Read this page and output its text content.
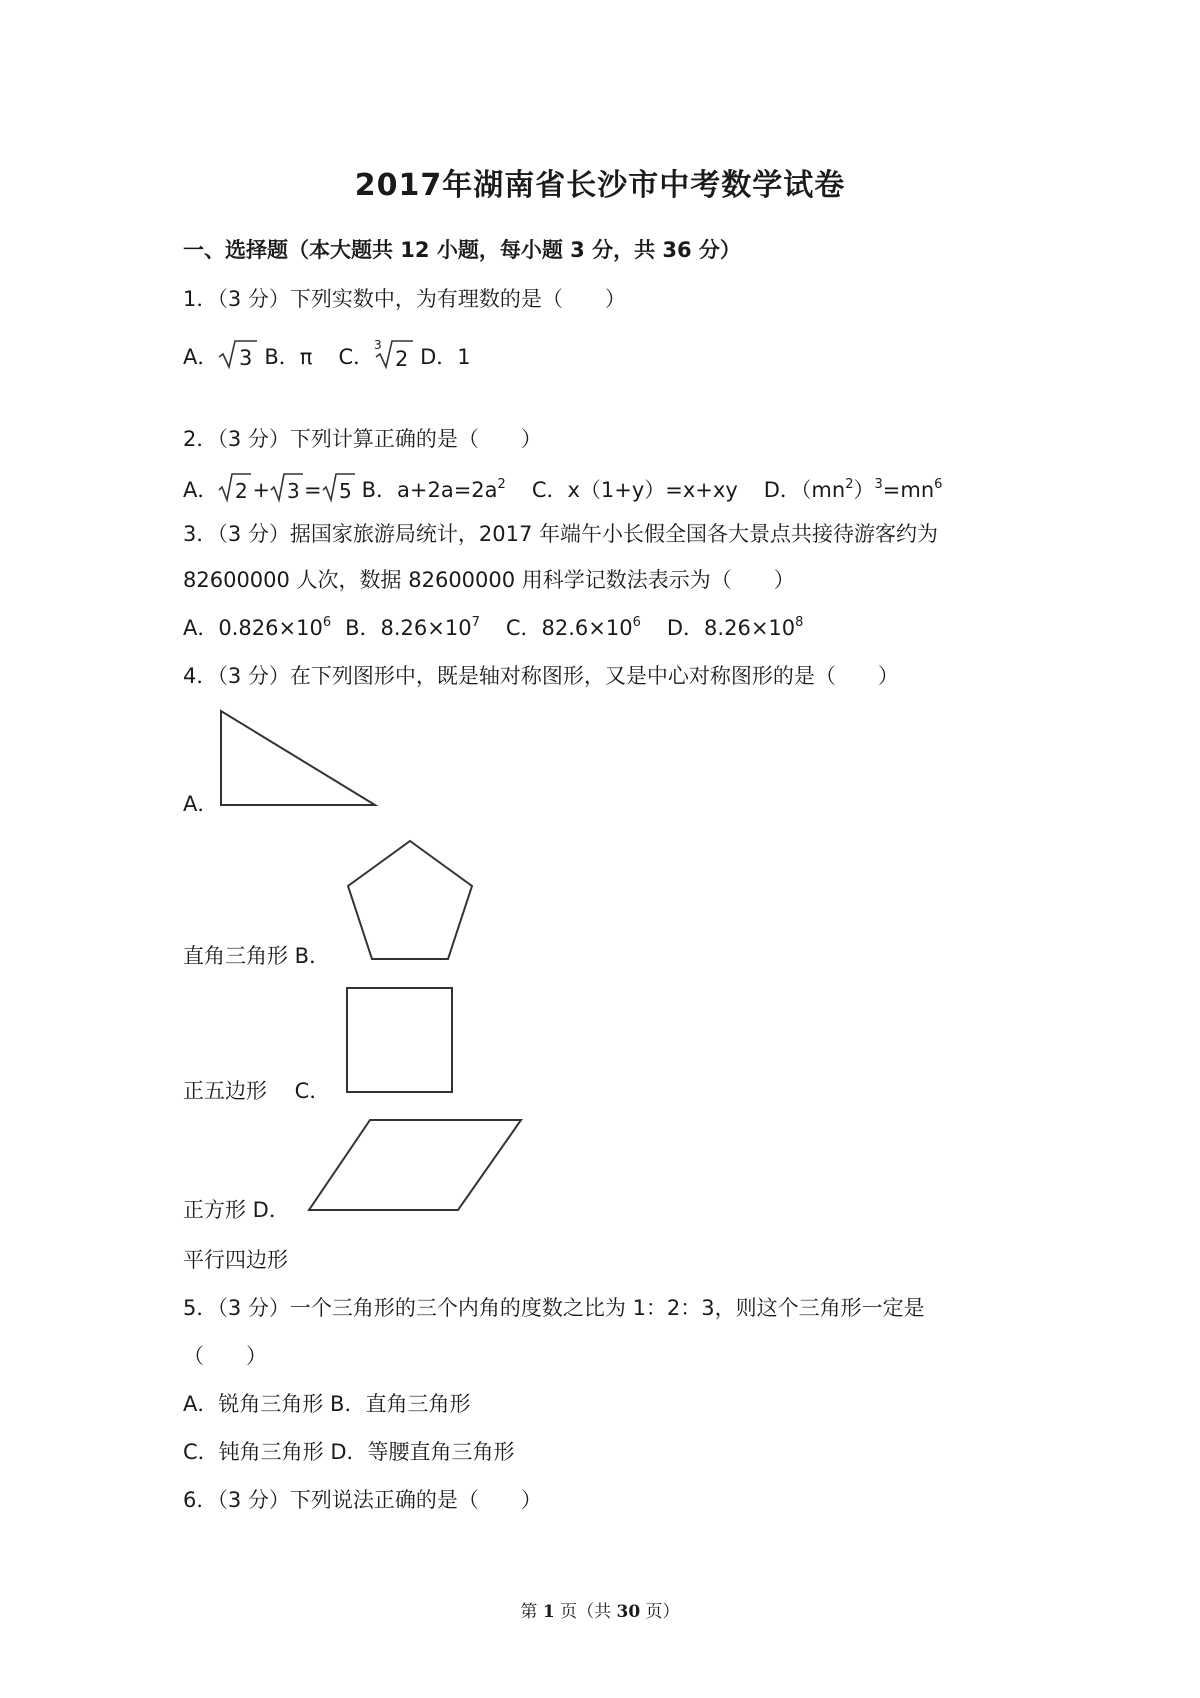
2017年湖南省长沙市中考数学试卷
一、选择题（本大题共 12 小题，每小题 3 分，共 36 分）
1．（3 分）下列实数中，为有理数的是（　　）
A． 3 B．π C． 3
2 D．1
2．（3 分）下列计算正确的是（　　）
A． 2 + 3 = 5 B．$a+2a=2a^2$ C．x（1+y）=x+xy D．$(mn^2)^3=mn^6$
3．（3 分）据国家旅游局统计，2017 年端午小长假全国各大景点共接待游客约为
82600000 人次，数据 82600000 用科学记数法表示为（　　）
A．$0.826\times 10^6$ B．$8.26\times 10^7$ C．$82.6\times 10^6$ D．$8.26\times 10^8$
4．（3 分）在下列图形中，既是轴对称图形，又是中心对称图形的是（　　）
A．
直角三角形 B．
正五边形　 C．
正方形 D．
平行四边形
5．（3 分）一个三角形的三个内角的度数之比为 1：2：3，则这个三角形一定是
（　　）
A．锐角三角形 B．直角三角形
C．钝角三角形 D．等腰直角三角形
6．（3 分）下列说法正确的是（　　）
第 1 页（共 30 页）
